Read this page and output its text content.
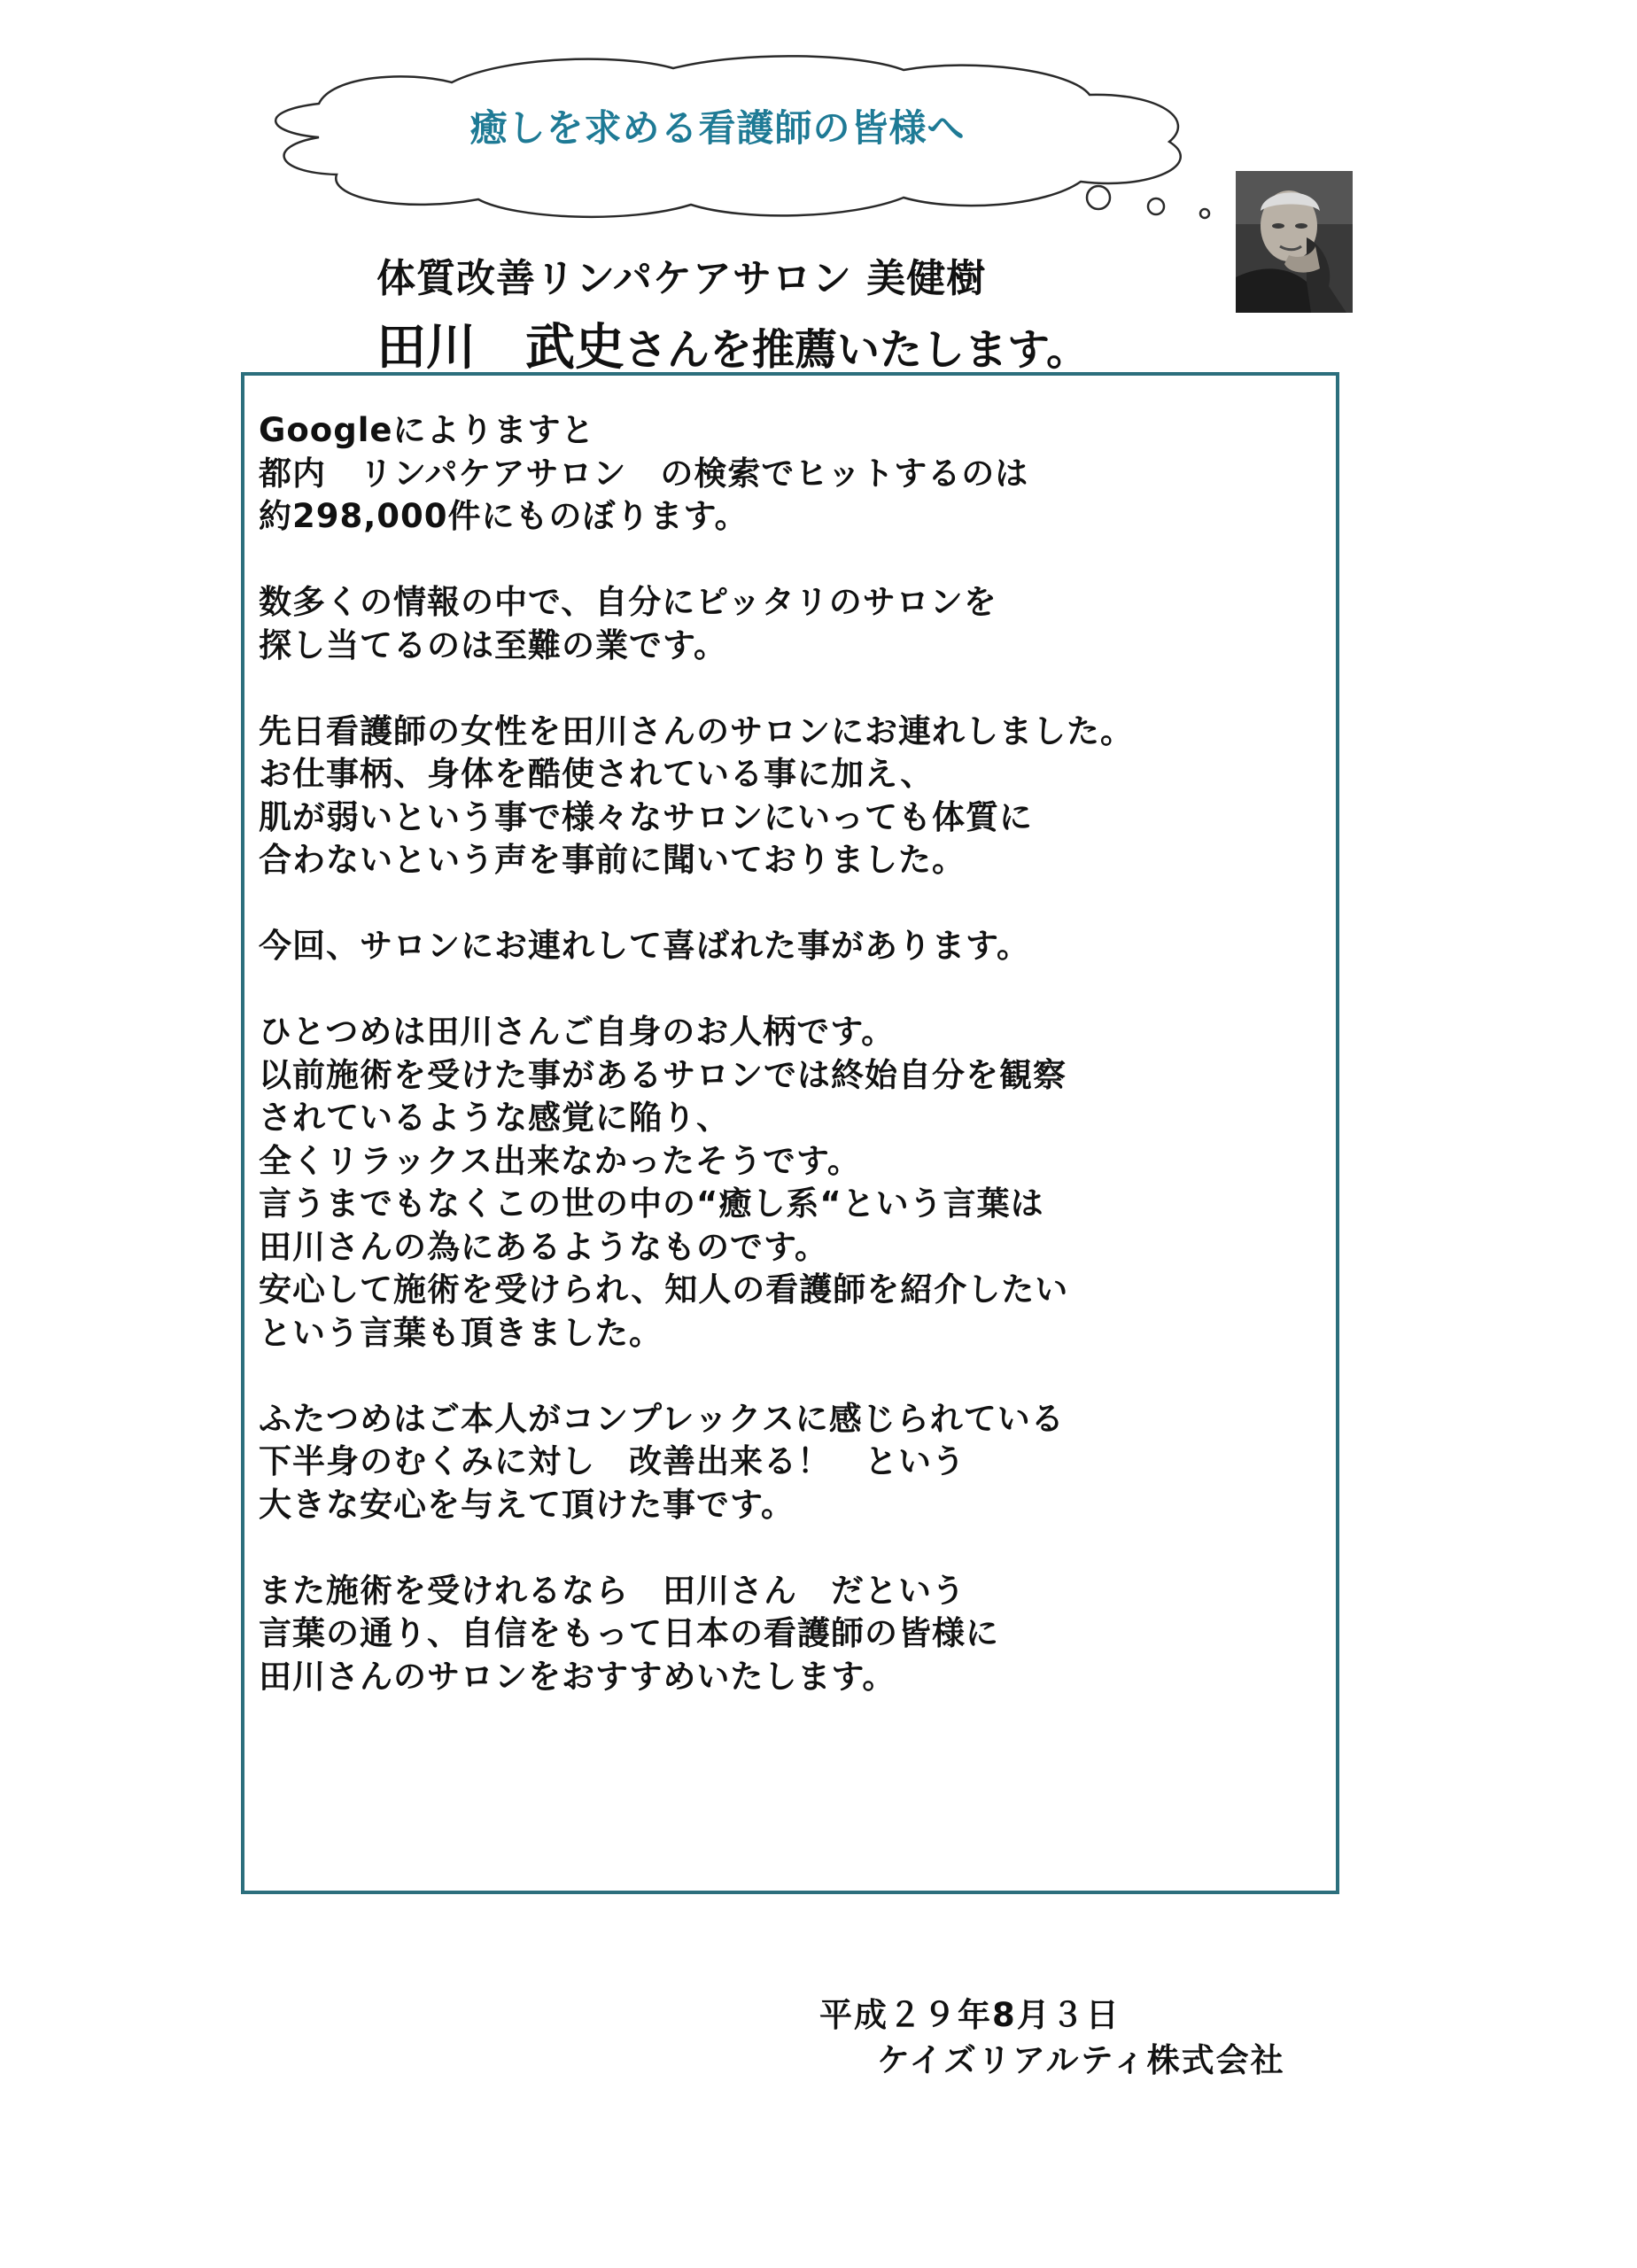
癒しを求める看護師の皆様へ
体質改善リンパケアサロン 美健樹
田川　武史さんを推薦いたします。
Googleによりますと
都内　リンパケアサロン　の検索でヒットするのは
約298,000件にものぼります。
数多くの情報の中で、自分にピッタリのサロンを
探し当てるのは至難の業です。
先日看護師の女性を田川さんのサロンにお連れしました。
お仕事柄、身体を酷使されている事に加え、
肌が弱いという事で様々なサロンにいっても体質に
合わないという声を事前に聞いておりました。
今回、サロンにお連れして喜ばれた事があります。
ひとつめは田川さんご自身のお人柄です。
以前施術を受けた事があるサロンでは終始自分を観察
されているような感覚に陥り、
全くリラックス出来なかったそうです。
言うまでもなくこの世の中の“癒し系“という言葉は
田川さんの為にあるようなものです。
安心して施術を受けられ、知人の看護師を紹介したい
という言葉も頂きました。
ふたつめはご本人がコンプレックスに感じられている
下半身のむくみに対し　改善出来る！　という
大きな安心を与えて頂けた事です。
また施術を受けれるなら　田川さん　だという
言葉の通り、自信をもって日本の看護師の皆様に
田川さんのサロンをおすすめいたします。
平成２９年8月３日
ケイズリアルティ株式会社
